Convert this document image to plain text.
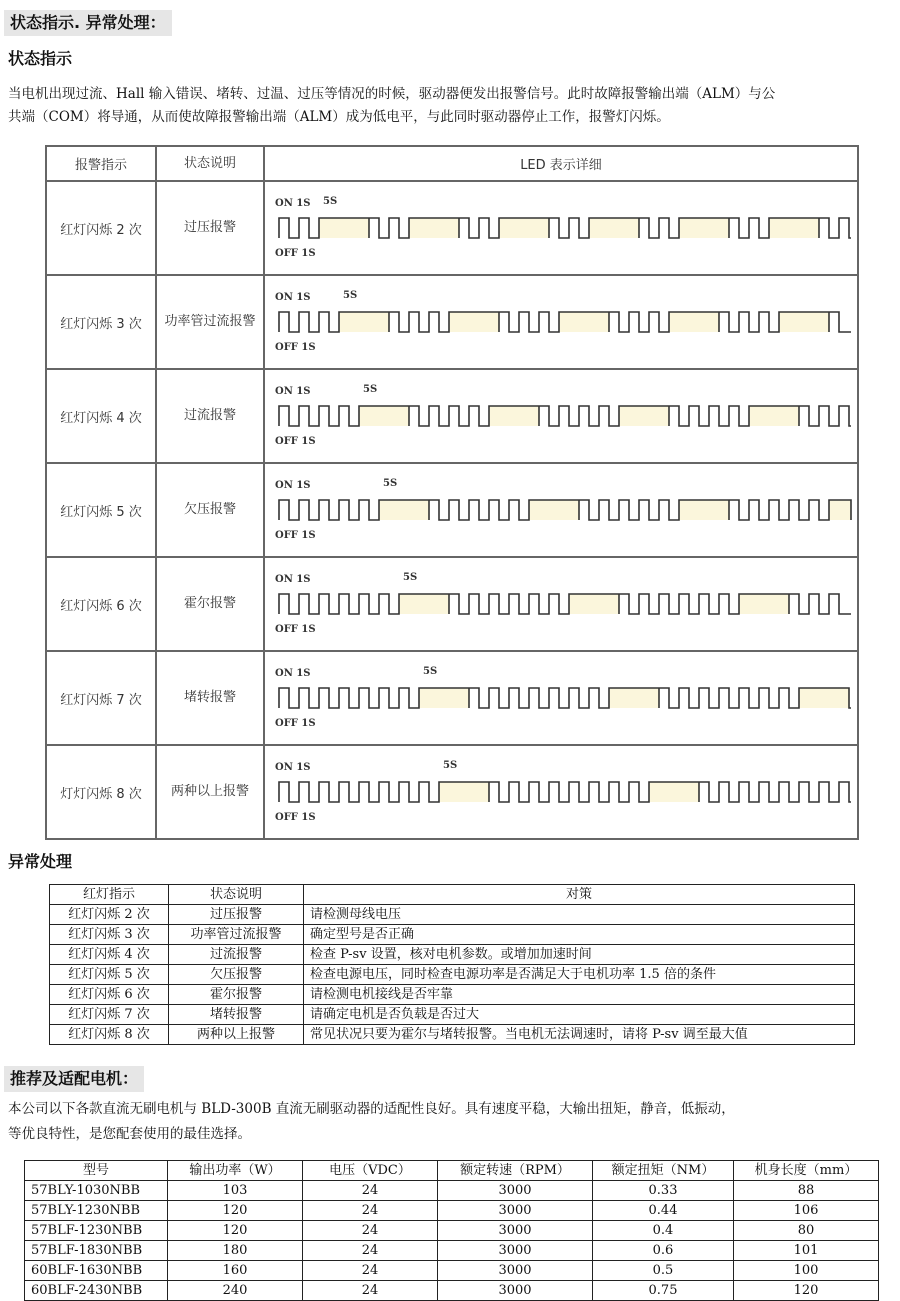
状态指示. 异常处理：
状态指示
当电机出现过流、Hall 输入错误、堵转、过温、过压等情况的时候，驱动器便发出报警信号。此时故障报警输出端（ALM）与公
共端（COM）将导通，从而使故障报警输出端（ALM）成为低电平，与此同时驱动器停止工作，报警灯闪烁。
报警指示	状态说明	LED 表示详细
红灯闪烁 2 次	过压报警
ON 1S
OFF 1S
5S
红灯闪烁 3 次	功率管过流报警
ON 1S
OFF 1S
5S
红灯闪烁 4 次	过流报警
ON 1S
OFF 1S
5S
红灯闪烁 5 次	欠压报警
ON 1S
OFF 1S
5S
红灯闪烁 6 次	霍尔报警
ON 1S
OFF 1S
5S
红灯闪烁 7 次	堵转报警
ON 1S
OFF 1S
5S
灯灯闪烁 8 次	两种以上报警
ON 1S
OFF 1S
5S
异常处理
红灯指示	状态说明	对策
红灯闪烁 2 次	过压报警	请检测母线电压
红灯闪烁 3 次	功率管过流报警	确定型号是否正确
红灯闪烁 4 次	过流报警	检查 P-sv 设置，核对电机参数。或增加加速时间
红灯闪烁 5 次	欠压报警	检查电源电压，同时检查电源功率是否满足大于电机功率 1.5 倍的条件
红灯闪烁 6 次	霍尔报警	请检测电机接线是否牢靠
红灯闪烁 7 次	堵转报警	请确定电机是否负载是否过大
红灯闪烁 8 次	两种以上报警	常见状况只要为霍尔与堵转报警。当电机无法调速时，请将 P-sv 调至最大值
推荐及适配电机：
本公司以下各款直流无刷电机与 BLD-300B 直流无刷驱动器的适配性良好。具有速度平稳，大输出扭矩，静音，低振动，
等优良特性，是您配套使用的最佳选择。
型号	输出功率（W）	电压（VDC）	额定转速（RPM）	额定扭矩（NM）	机身长度（mm）
57BLY-1030NBB	103	24	3000	0.33	88
57BLY-1230NBB	120	24	3000	0.44	106
57BLF-1230NBB	120	24	3000	0.4	80
57BLF-1830NBB	180	24	3000	0.6	101
60BLF-1630NBB	160	24	3000	0.5	100
60BLF-2430NBB	240	24	3000	0.75	120
